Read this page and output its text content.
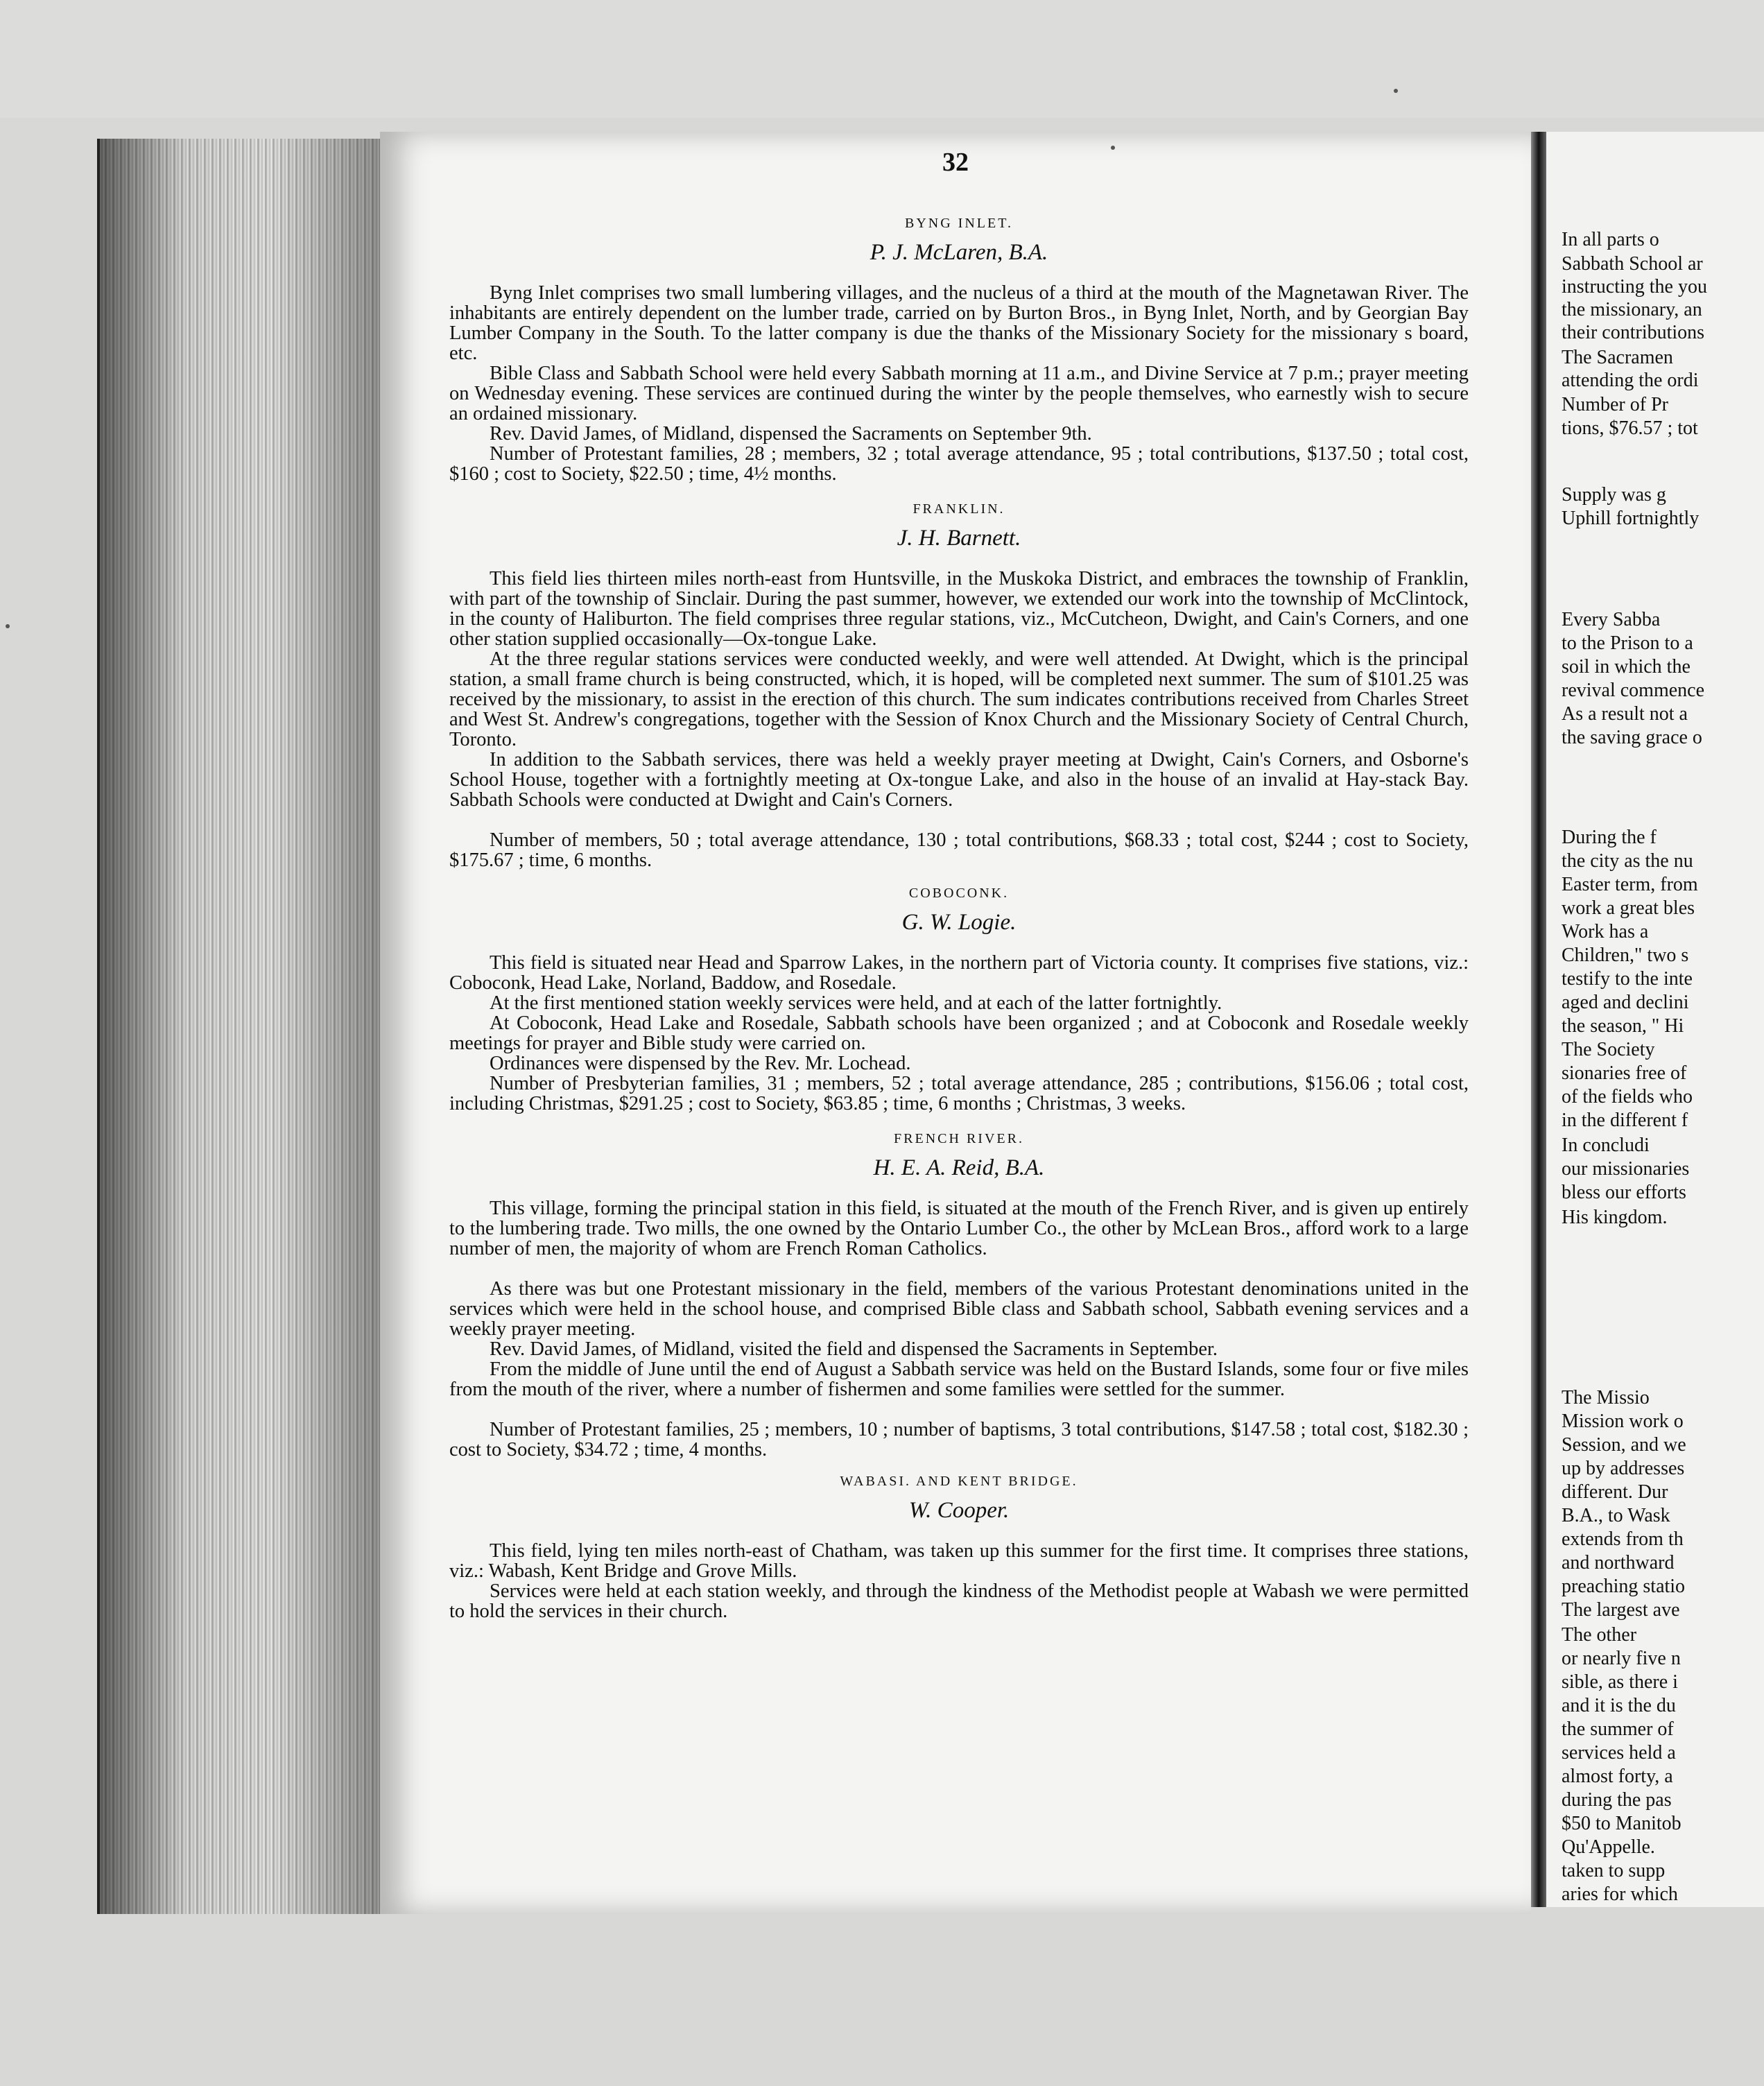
32
BYNG INLET.
P. J. McLaren, B.A.

Byng Inlet comprises two small lumbering villages, and the nucleus of a third at the mouth of the Magnetawan River. The inhabitants are entirely dependent on the lumber trade, carried on by Burton Bros., in Byng Inlet, North, and by Georgian Bay Lumber Company in the South. To the latter company is due the thanks of the Missionary Society for the missionary s board, etc.

Bible Class and Sabbath School were held every Sabbath morning at 11 a.m., and Divine Service at 7 p.m.; prayer meeting on Wednesday evening. These services are continued during the winter by the people themselves, who earnestly wish to secure an ordained missionary.

Rev. David James, of Midland, dispensed the Sacraments on September 9th.

Number of Protestant families, 28 ; members, 32 ; total average attendance, 95 ; total contributions, $137.50 ; total cost, $160 ; cost to Society, $22.50 ; time, 4½ months.

FRANKLIN.
J. H. Barnett.

This field lies thirteen miles north-east from Huntsville, in the Muskoka District, and embraces the township of Franklin, with part of the township of Sinclair. During the past summer, however, we extended our work into the township of McClintock, in the county of Haliburton. The field comprises three regular stations, viz., McCutcheon, Dwight, and Cain's Corners, and one other station supplied occasionally—Ox-tongue Lake.

At the three regular stations services were conducted weekly, and were well attended. At Dwight, which is the principal station, a small frame church is being constructed, which, it is hoped, will be completed next summer. The sum of $101.25 was received by the missionary, to assist in the erection of this church. The sum indicates contributions received from Charles Street and West St. Andrew's congregations, together with the Session of Knox Church and the Missionary Society of Central Church, Toronto.

In addition to the Sabbath services, there was held a weekly prayer meeting at Dwight, Cain's Corners, and Osborne's School House, together with a fortnightly meeting at Ox-tongue Lake, and also in the house of an invalid at Hay-stack Bay. Sabbath Schools were conducted at Dwight and Cain's Corners.

Number of members, 50 ; total average attendance, 130 ; total contributions, $68.33 ; total cost, $244 ; cost to Society, $175.67 ; time, 6 months.

COBOCONK.
G. W. Logie.

This field is situated near Head and Sparrow Lakes, in the northern part of Victoria county. It comprises five stations, viz.: Coboconk, Head Lake, Norland, Baddow, and Rosedale.

At the first mentioned station weekly services were held, and at each of the latter fortnightly.

At Coboconk, Head Lake and Rosedale, Sabbath schools have been organized ; and at Coboconk and Rosedale weekly meetings for prayer and Bible study were carried on.

Ordinances were dispensed by the Rev. Mr. Lochead.

Number of Presbyterian families, 31 ; members, 52 ; total average attendance, 285 ; contributions, $156.06 ; total cost, including Christmas, $291.25 ; cost to Society, $63.85 ; time, 6 months ; Christmas, 3 weeks.

FRENCH RIVER.
H. E. A. Reid, B.A.

This village, forming the principal station in this field, is situated at the mouth of the French River, and is given up entirely to the lumbering trade. Two mills, the one owned by the Ontario Lumber Co., the other by McLean Bros., afford work to a large number of men, the majority of whom are French Roman Catholics.

As there was but one Protestant missionary in the field, members of the various Protestant denominations united in the services which were held in the school house, and comprised Bible class and Sabbath school, Sabbath evening services and a weekly prayer meeting.

Rev. David James, of Midland, visited the field and dispensed the Sacraments in September.

From the middle of June until the end of August a Sabbath service was held on the Bustard Islands, some four or five miles from the mouth of the river, where a number of fishermen and some families were settled for the summer.

Number of Protestant families, 25 ; members, 10 ; number of baptisms, 3 total contributions, $147.58 ; total cost, $182.30 ; cost to Society, $34.72 ; time, 4 months.

WABASI. AND KENT BRIDGE.
W. Cooper.

This field, lying ten miles north-east of Chatham, was taken up this summer for the first time. It comprises three stations, viz.: Wabash, Kent Bridge and Grove Mills.

Services were held at each station weekly, and through the kindness of the Methodist people at Wabash we were permitted to hold the services in their church.

In all parts o
Sabbath School ar
instructing the you
the missionary, an
their contributions
The Sacramen
attending the ordi
Number of Pr
tions, $76.57 ; tot
Supply was g
Uphill fortnightly
Every Sabba
to the Prison to a
soil in which the
revival commence
As a result not a
the saving grace o
During the f
the city as the nu
Easter term, from
work a great bles
Work has a
Children," two s
testify to the inte
aged and declini
the season, " Hi
The Society
sionaries free of
of the fields who
in the different f
In concludi
our missionaries
bless our efforts
His kingdom.
The Missio
Mission work o
Session, and we
up by addresses
different. Dur
B.A., to Wask
extends from th
and northward
preaching statio
The largest ave
The other
or nearly five n
sible, as there i
and it is the du
the summer of
services held a
almost forty, a
during the pas
$50 to Manitob
Qu'Appelle.
taken to supp
aries for which
